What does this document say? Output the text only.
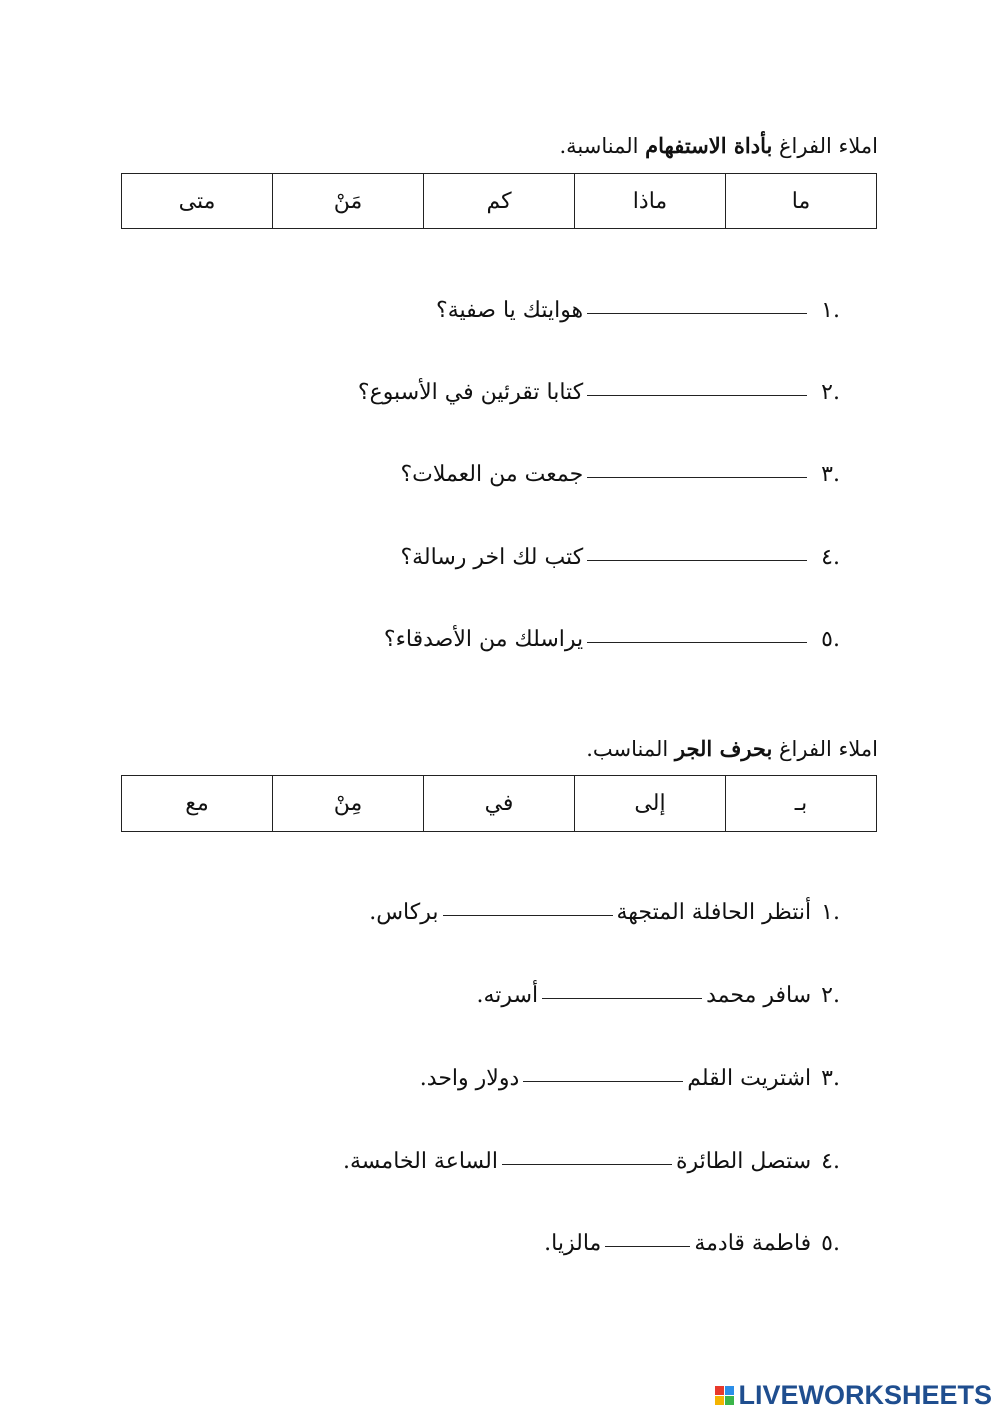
املاء الفراغ بأداة الاستفهام المناسبة.
ما	ماذا	كم	مَنْ	متى
.١هوايتك يا صفية؟
.٢كتابا تقرئين في الأسبوع؟
.٣جمعت من العملات؟
.٤كتب لك اخر رسالة؟
.٥يراسلك من الأصدقاء؟
املاء الفراغ بحرف الجر المناسب.
بـ	إلى	في	مِنْ	مع
.١أنتظر الحافلة المتجهةبركاس.
.٢سافر محمدأسرته.
.٣اشتريت القلمدولار واحد.
.٤ستصل الطائرةالساعة الخامسة.
.٥فاطمة قادمةمالزيا.
LIVEWORKSHEETS
